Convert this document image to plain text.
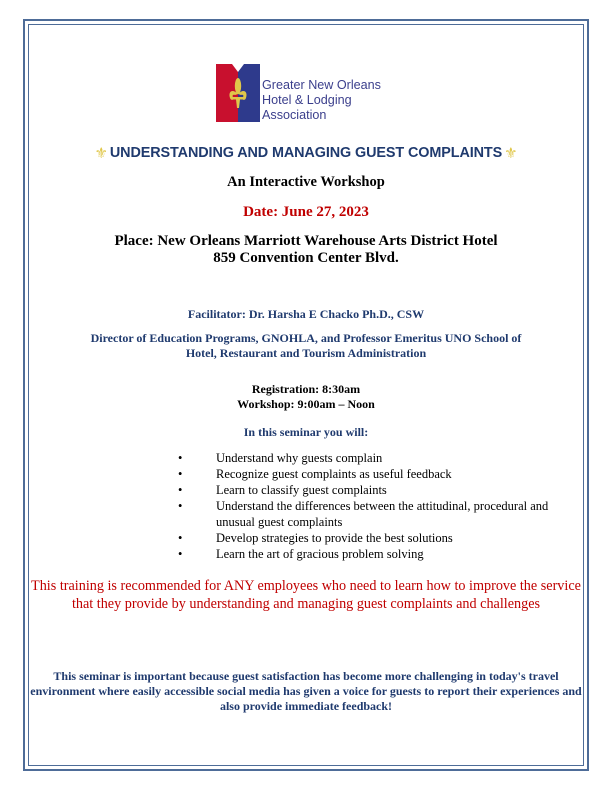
Greater New Orleans
Hotel & Lodging
Association
⚜ UNDERSTANDING AND MANAGING GUEST COMPLAINTS ⚜
An Interactive Workshop
Date: June 27, 2023
Place: New Orleans Marriott Warehouse Arts District Hotel
859 Convention Center Blvd.
Facilitator: Dr. Harsha E Chacko Ph.D., CSW
Director of Education Programs, GNOHLA, and Professor Emeritus UNO School of
Hotel, Restaurant and Tourism Administration
Registration: 8:30am
Workshop: 9:00am – Noon
In this seminar you will:
•	Understand why guests complain
•	Recognize guest complaints as useful feedback
•	Learn to classify guest complaints
•	Understand the differences between the attitudinal, procedural and unusual guest complaints
•	Develop strategies to provide the best solutions
•	Learn the art of gracious problem solving
This training is recommended for ANY employees who need to learn how to improve the service that they provide by understanding and managing guest complaints and challenges
This seminar is important because guest satisfaction has become more challenging in today's travel environment where easily accessible social media has given a voice for guests to report their experiences and also provide immediate feedback!
